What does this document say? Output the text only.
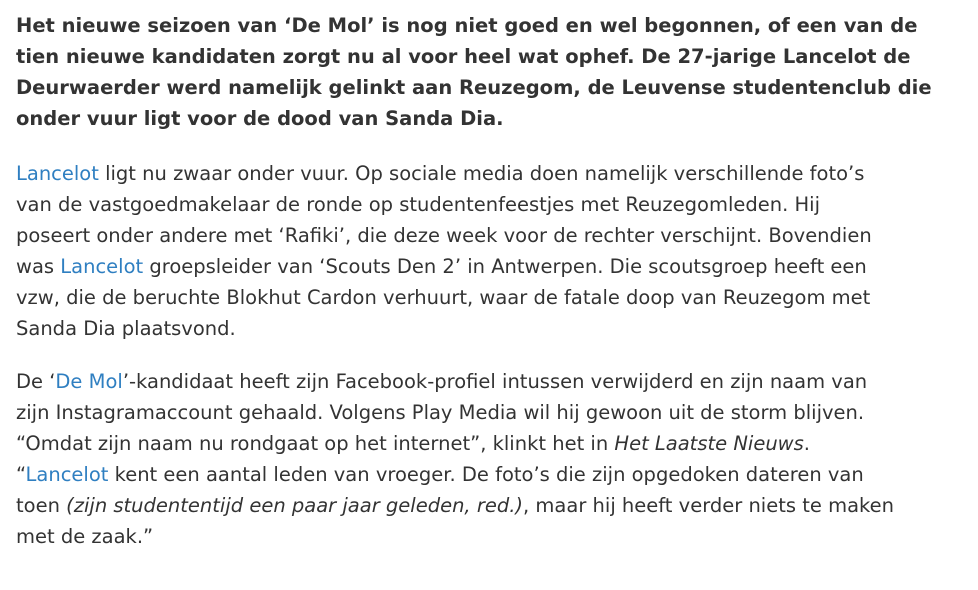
Het nieuwe seizoen van ‘De Mol’ is nog niet goed en wel begonnen, of een van de
tien nieuwe kandidaten zorgt nu al voor heel wat ophef. De 27-jarige Lancelot de
Deurwaerder werd namelijk gelinkt aan Reuzegom, de Leuvense studentenclub die
onder vuur ligt voor de dood van Sanda Dia.

Lancelot ligt nu zwaar onder vuur. Op sociale media doen namelijk verschillende foto’s
van de vastgoedmakelaar de ronde op studentenfeestjes met Reuzegomleden. Hij
poseert onder andere met ‘Rafiki’, die deze week voor de rechter verschijnt. Bovendien
was Lancelot groepsleider van ‘Scouts Den 2’ in Antwerpen. Die scoutsgroep heeft een
vzw, die de beruchte Blokhut Cardon verhuurt, waar de fatale doop van Reuzegom met
Sanda Dia plaatsvond.

De ‘De Mol’-kandidaat heeft zijn Facebook-profiel intussen verwijderd en zijn naam van
zijn Instagramaccount gehaald. Volgens Play Media wil hij gewoon uit de storm blijven.
“Omdat zijn naam nu rondgaat op het internet”, klinkt het in Het Laatste Nieuws.
“Lancelot kent een aantal leden van vroeger. De foto’s die zijn opgedoken dateren van
toen (zijn studententijd een paar jaar geleden, red.), maar hij heeft verder niets te maken
met de zaak.”
